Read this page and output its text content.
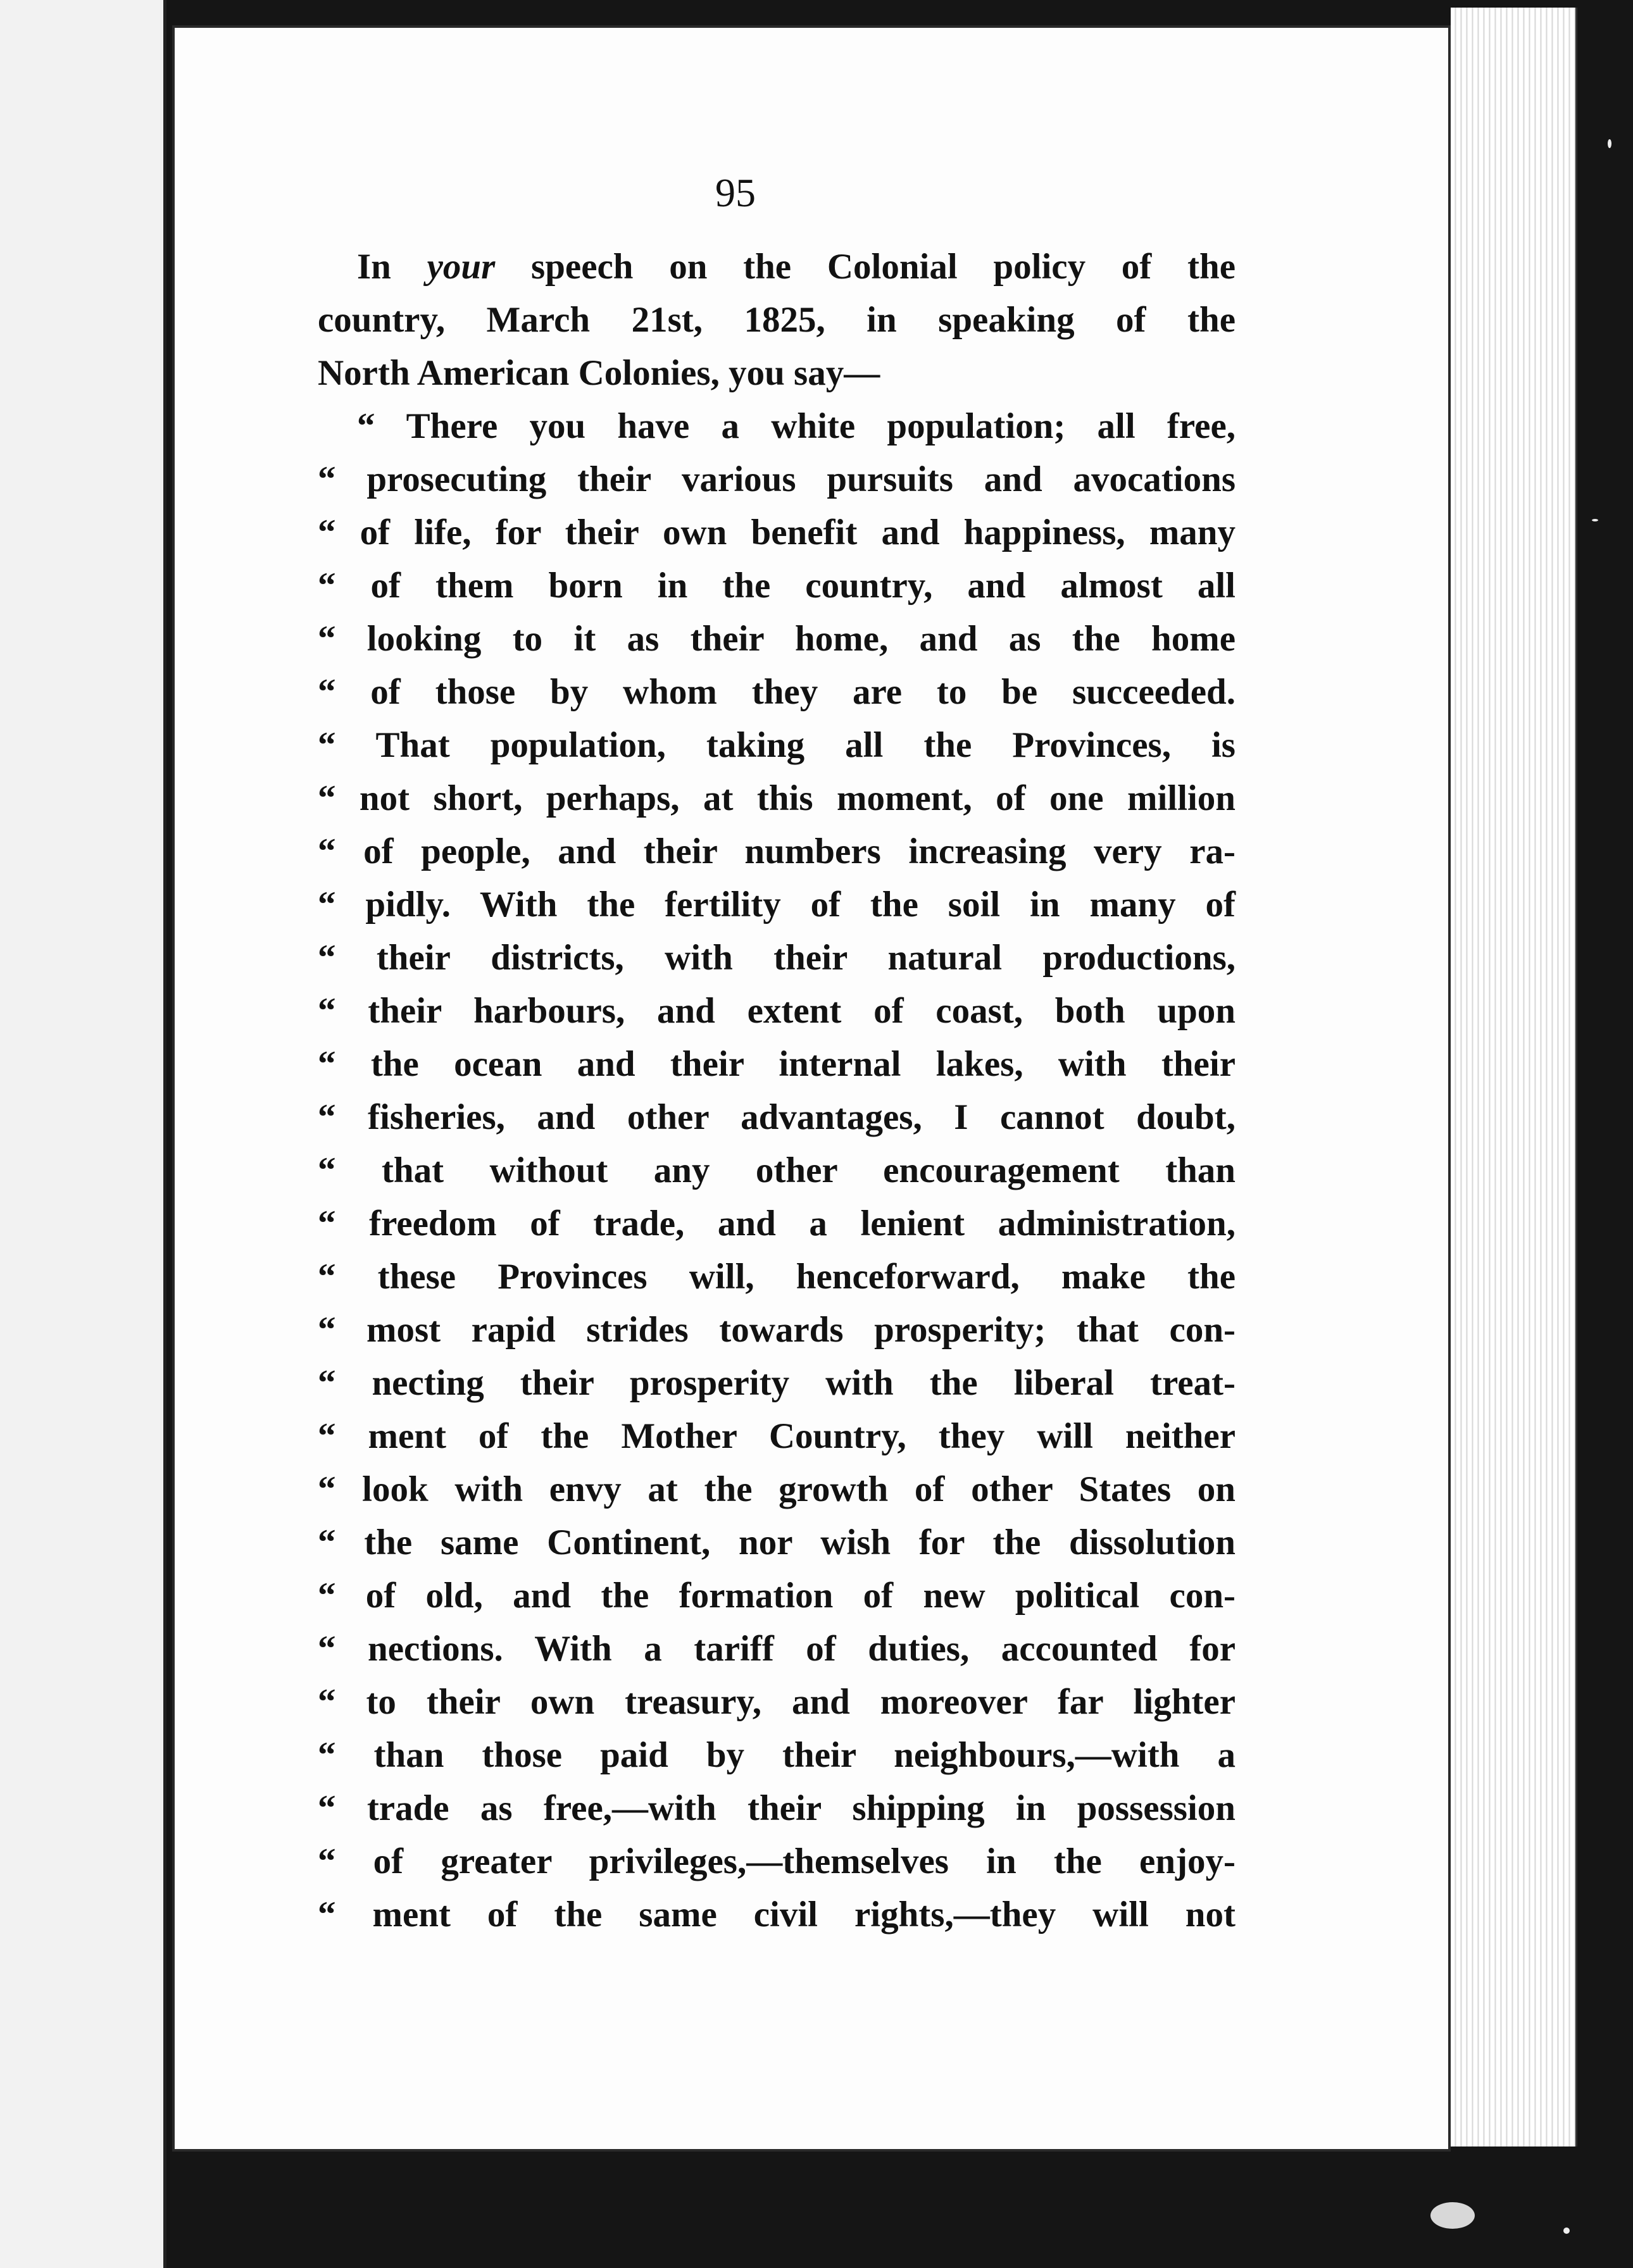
95
In your speech on the Colonial policy of the
country, March 21st, 1825, in speaking of the
North American Colonies, you say—
“ There you have a white population; all free,
“ prosecuting their various pursuits and avocations
“ of life, for their own benefit and happiness, many
“ of them born in the country, and almost all
“ looking to it as their home, and as the home
“ of those by whom they are to be succeeded.
“ That population, taking all the Provinces, is
“ not short, perhaps, at this moment, of one million
“ of people, and their numbers increasing very ra-
“ pidly. With the fertility of the soil in many of
“ their districts, with their natural productions,
“ their harbours, and extent of coast, both upon
“ the ocean and their internal lakes, with their
“ fisheries, and other advantages, I cannot doubt,
“ that without any other encouragement than
“ freedom of trade, and a lenient administration,
“ these Provinces will, henceforward, make the
“ most rapid strides towards prosperity; that con-
“ necting their prosperity with the liberal treat-
“ ment of the Mother Country, they will neither
“ look with envy at the growth of other States on
“ the same Continent, nor wish for the dissolution
“ of old, and the formation of new political con-
“ nections. With a tariff of duties, accounted for
“ to their own treasury, and moreover far lighter
“ than those paid by their neighbours,—with a
“ trade as free,—with their shipping in possession
“ of greater privileges,—themselves in the enjoy-
“ ment of the same civil rights,—they will not
